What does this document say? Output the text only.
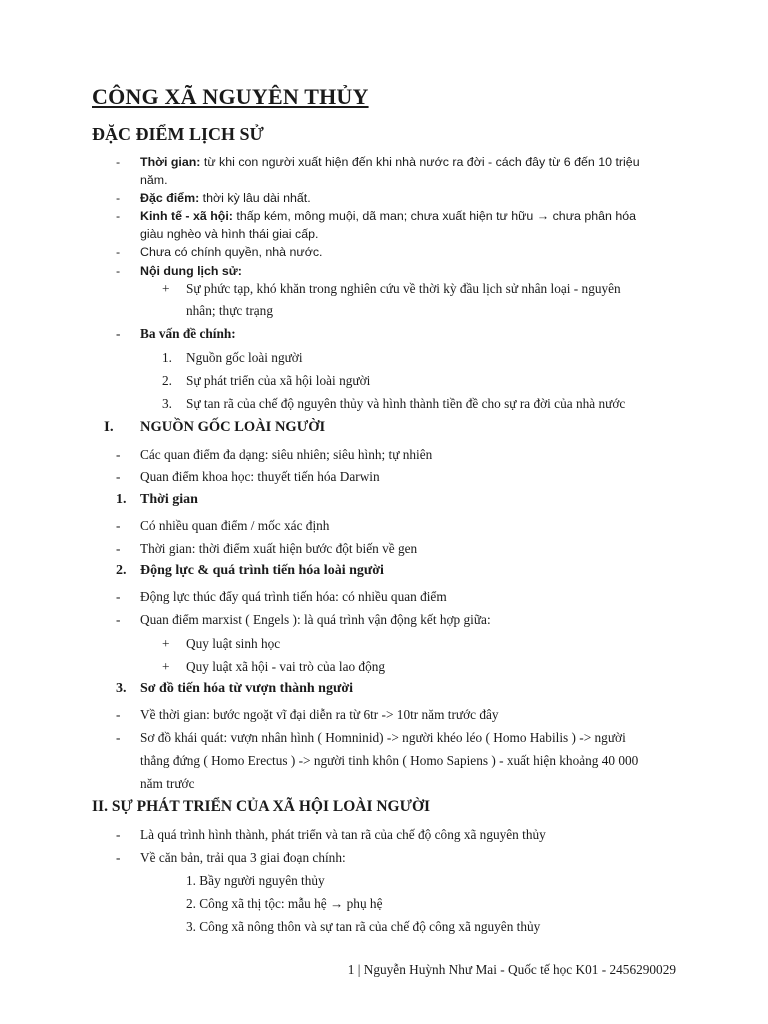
CÔNG XÃ NGUYÊN THỦY
ĐẶC ĐIỂM LỊCH SỬ
- Thời gian: từ khi con người xuất hiện đến khi nhà nước ra đời - cách đây từ 6 đến 10 triệu
năm.
- Đặc điểm: thời kỳ lâu dài nhất.
- Kinh tế - xã hội: thấp kém, mông muội, dã man; chưa xuất hiện tư hữu → chưa phân hóa
giàu nghèo và hình thái giai cấp.
- Chưa có chính quyền, nhà nước.
- Nội dung lịch sử:
+ Sự phức tạp, khó khăn trong nghiên cứu về thời kỳ đầu lịch sử nhân loại - nguyên
nhân; thực trạng
- Ba vấn đề chính:
1. Nguồn gốc loài người
2. Sự phát triển của xã hội loài người
3. Sự tan rã của chế độ nguyên thủy và hình thành tiền đề cho sự ra đời của nhà nước
I. NGUỒN GỐC LOÀI NGƯỜI
- Các quan điểm đa dạng: siêu nhiên; siêu hình; tự nhiên
- Quan điểm khoa học: thuyết tiến hóa Darwin
1. Thời gian
- Có nhiều quan điểm / mốc xác định
- Thời gian: thời điểm xuất hiện bước đột biến về gen
2. Động lực & quá trình tiến hóa loài người
- Động lực thúc đẩy quá trình tiến hóa: có nhiều quan điểm
- Quan điểm marxist ( Engels ): là quá trình vận động kết hợp giữa:
+ Quy luật sinh học
+ Quy luật xã hội - vai trò của lao động
3. Sơ đồ tiến hóa từ vượn thành người
- Về thời gian: bước ngoặt vĩ đại diễn ra từ 6tr -> 10tr năm trước đây
- Sơ đồ khái quát: vượn nhân hình ( Homninid) -> người khéo léo ( Homo Habilis ) -> người
thẳng đứng ( Homo Erectus ) -> người tinh khôn ( Homo Sapiens ) - xuất hiện khoảng 40 000
năm trước
II. SỰ PHÁT TRIỂN CỦA XÃ HỘI LOÀI NGƯỜI
- Là quá trình hình thành, phát triển và tan rã của chế độ công xã nguyên thủy
- Về căn bản, trải qua 3 giai đoạn chính:
1. Bầy người nguyên thủy
2. Công xã thị tộc: mẫu hệ → phụ hệ
3. Công xã nông thôn và sự tan rã của chế độ công xã nguyên thủy
1 | Nguyễn Huỳnh Như Mai - Quốc tế học K01 - 2456290029
